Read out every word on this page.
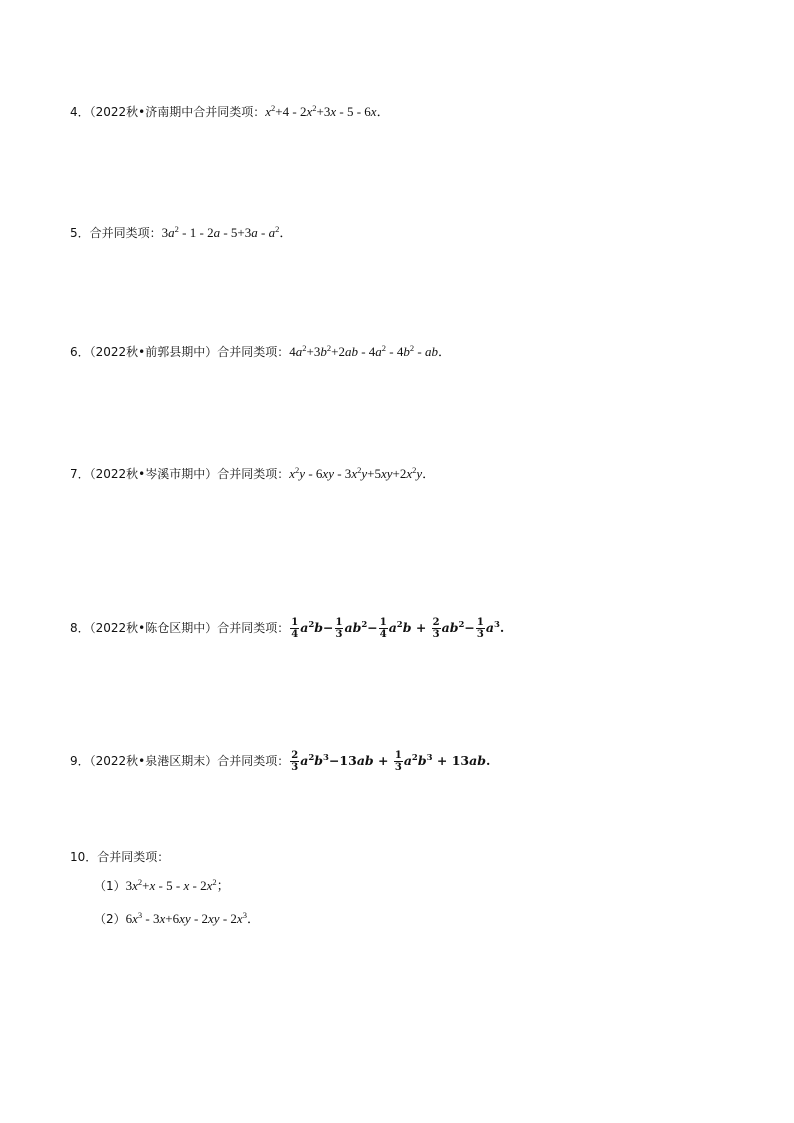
4．（2022秋•济南期中合并同类项：$x^2+4 - 2x^2+3x - 5 - 6x$．
5．合并同类项：$3a^2 - 1 - 2a - 5+3a - a^2$．
6．（2022秋•前郭县期中）合并同类项：$4a^2+3b^2+2ab - 4a^2 - 4b^2$ - ab．
7．（2022秋•岑溪市期中）合并同类项：$x^2y - 6xy - 3x^2y+5xy+2x^2y$．
8．（2022秋•陈仓区期中）合并同类项： $\frac{1}{4} a^2b- \frac{1}{3} ab^2- \frac{1}{4} a^2b + \frac{2}{3} ab^2- \frac{1}{3} a^3$.
9．（2022秋•泉港区期末）合并同类项： $\frac{2}{3} a^2b^3-13ab + \frac{1}{3} a^2b^3 + 13ab$.
10．合并同类项：
$(1)3x^2+x - 5 - x - 2x^2$；
$(2)6x^3 - 3x+6xy - 2xy - 2x^3$．
